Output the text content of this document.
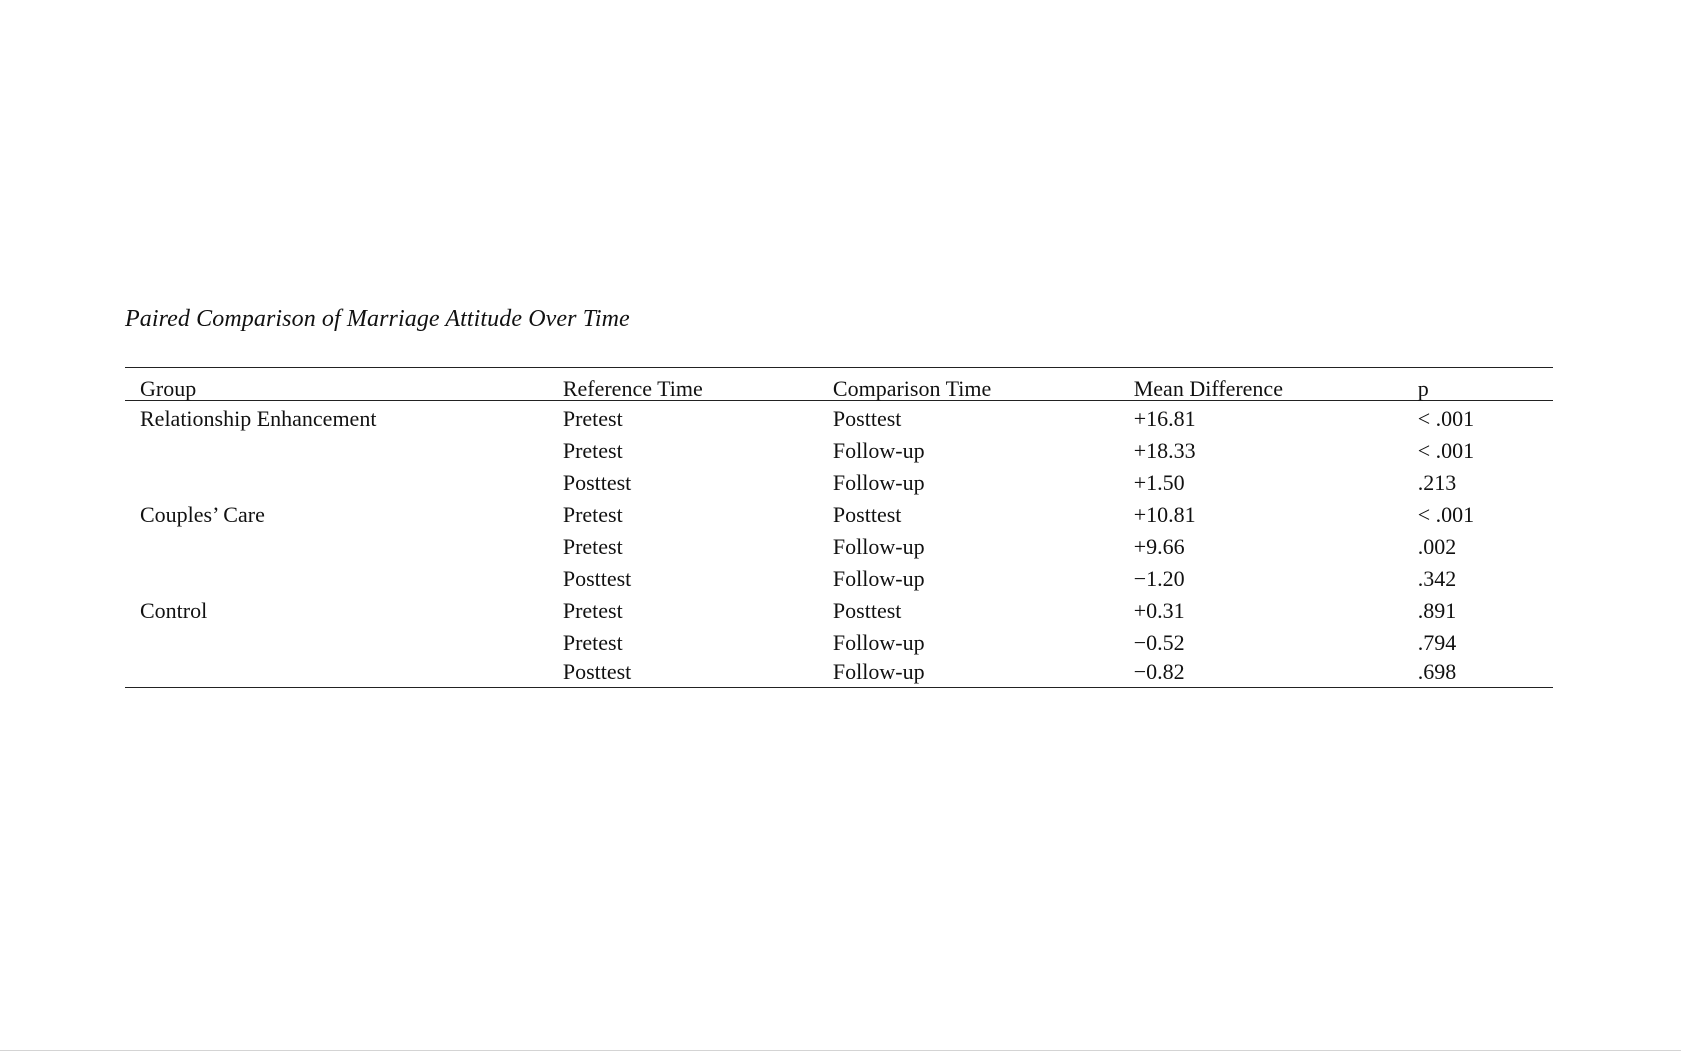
Paired Comparison of Marriage Attitude Over Time

Group	Reference Time	Comparison Time	Mean Difference	p
Relationship Enhancement	Pretest	Posttest	+16.81	< .001
	Pretest	Follow-up	+18.33	< .001
	Posttest	Follow-up	+1.50	.213
Couples’ Care	Pretest	Posttest	+10.81	< .001
	Pretest	Follow-up	+9.66	.002
	Posttest	Follow-up	−1.20	.342
Control	Pretest	Posttest	+0.31	.891
	Pretest	Follow-up	−0.52	.794
	Posttest	Follow-up	−0.82	.698
